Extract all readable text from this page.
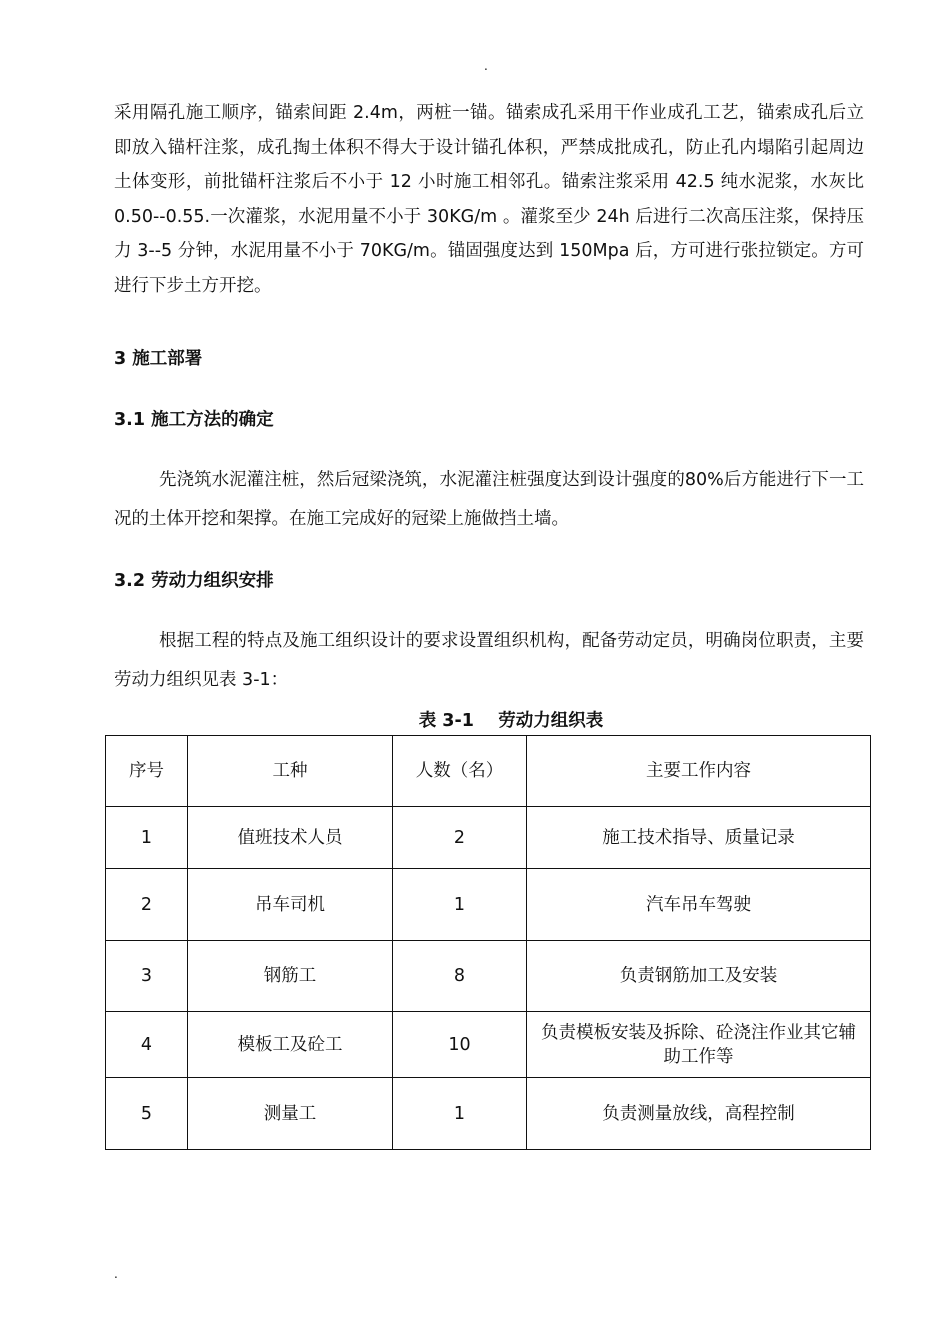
.

采用隔孔施工顺序，锚索间距 2.4m，两桩一锚。锚索成孔采用干作业成孔工艺，锚索成孔后立即放入锚杆注浆，成孔掏土体积不得大于设计锚孔体积，严禁成批成孔，防止孔内塌陷引起周边土体变形，前批锚杆注浆后不小于 12 小时施工相邻孔。锚索注浆采用 42.5 纯水泥浆，水灰比 0.50--0.55.一次灌浆，水泥用量不小于 30KG/m 。灌浆至少 24h 后进行二次高压注浆，保持压力 3--5 分钟，水泥用量不小于 70KG/m。锚固强度达到 150Mpa 后，方可进行张拉锁定。方可进行下步土方开挖。

3 施工部署
3.1 施工方法的确定

先浇筑水泥灌注桩，然后冠梁浇筑，水泥灌注桩强度达到设计强度的80%后方能进行下一工况的土体开挖和架撑。在施工完成好的冠梁上施做挡土墙。

3.2 劳动力组织安排

根据工程的特点及施工组织设计的要求设置组织机构，配备劳动定员，明确岗位职责，主要劳动力组织见表 3-1：

表 3-1    劳动力组织表
序号	工种	人数（名）	主要工作内容
1	值班技术人员	2	施工技术指导、质量记录
2	吊车司机	1	汽车吊车驾驶
3	钢筋工	8	负责钢筋加工及安装
4	模板工及砼工	10	负责模板安装及拆除、砼浇注作业其它辅助工作等
5	测量工	1	负责测量放线，高程控制
.
